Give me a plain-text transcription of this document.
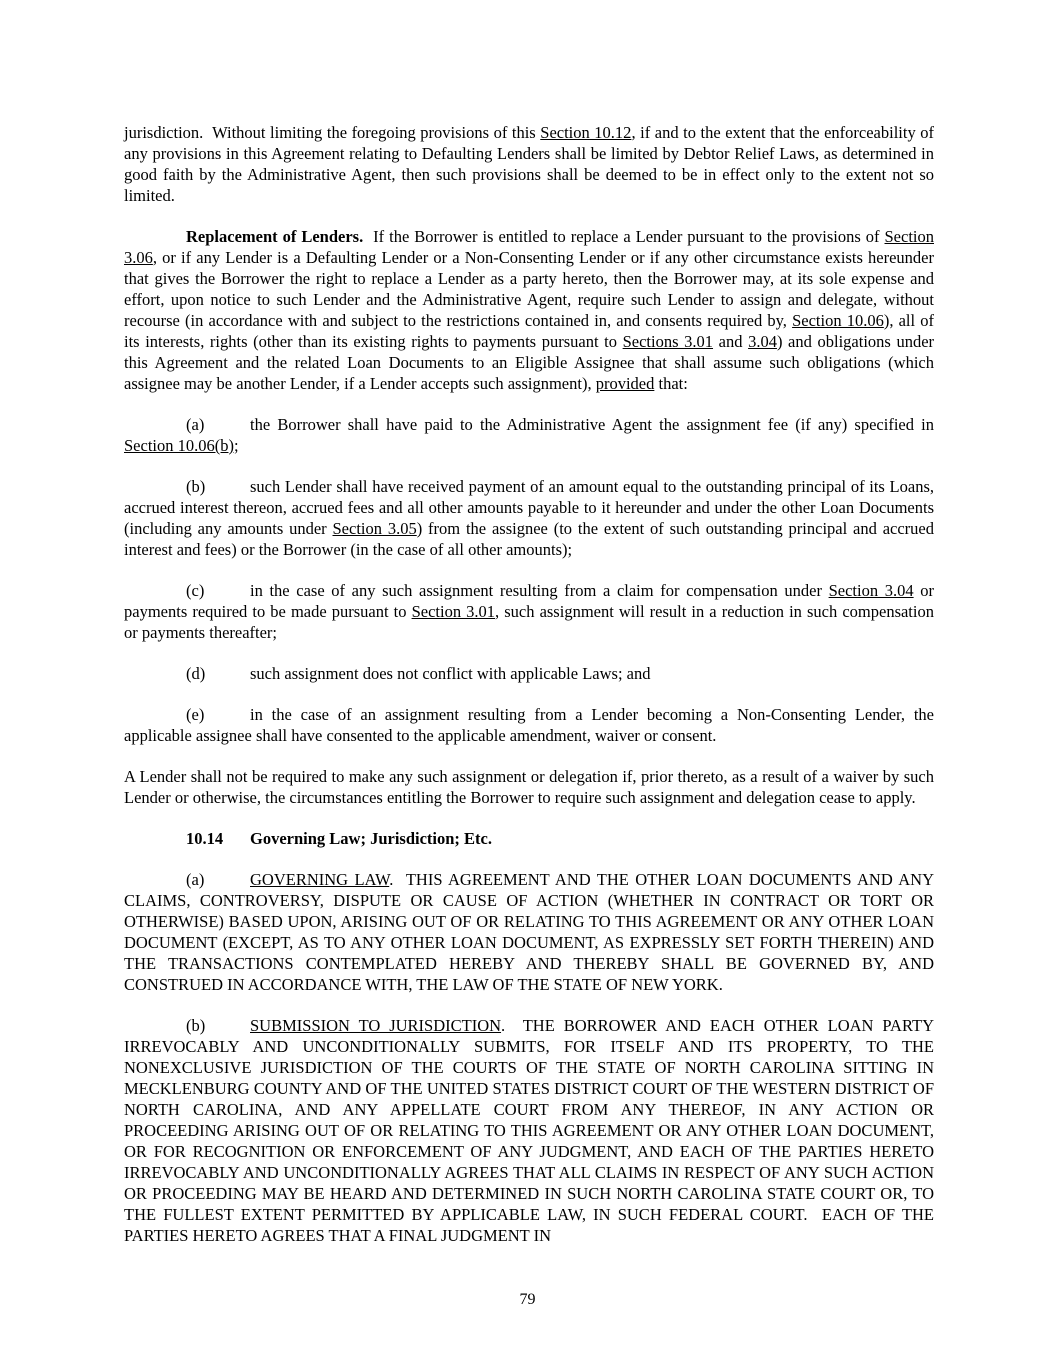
jurisdiction.  Without limiting the foregoing provisions of this Section 10.12, if and to the extent that the enforceability of any provisions in this Agreement relating to Defaulting Lenders shall be limited by Debtor Relief Laws, as determined in good faith by the Administrative Agent, then such provisions shall be deemed to be in effect only to the extent not so limited.

Replacement of Lenders.  If the Borrower is entitled to replace a Lender pursuant to the provisions of Section 3.06, or if any Lender is a Defaulting Lender or a Non-Consenting Lender or if any other circumstance exists hereunder that gives the Borrower the right to replace a Lender as a party hereto, then the Borrower may, at its sole expense and effort, upon notice to such Lender and the Administrative Agent, require such Lender to assign and delegate, without recourse (in accordance with and subject to the restrictions contained in, and consents required by, Section 10.06), all of its interests, rights (other than its existing rights to payments pursuant to Sections 3.01 and 3.04) and obligations under this Agreement and the related Loan Documents to an Eligible Assignee that shall assume such obligations (which assignee may be another Lender, if a Lender accepts such assignment), provided that:

(a)	the Borrower shall have paid to the Administrative Agent the assignment fee (if any) specified in Section 10.06(b);

(b)	such Lender shall have received payment of an amount equal to the outstanding principal of its Loans, accrued interest thereon, accrued fees and all other amounts payable to it hereunder and under the other Loan Documents (including any amounts under Section 3.05) from the assignee (to the extent of such outstanding principal and accrued interest and fees) or the Borrower (in the case of all other amounts);

(c)	in the case of any such assignment resulting from a claim for compensation under Section 3.04 or payments required to be made pursuant to Section 3.01, such assignment will result in a reduction in such compensation or payments thereafter;

(d)	such assignment does not conflict with applicable Laws; and

(e)	in the case of an assignment resulting from a Lender becoming a Non-Consenting Lender, the applicable assignee shall have consented to the applicable amendment, waiver or consent.

A Lender shall not be required to make any such assignment or delegation if, prior thereto, as a result of a waiver by such Lender or otherwise, the circumstances entitling the Borrower to require such assignment and delegation cease to apply.

10.14 Governing Law; Jurisdiction; Etc.

(a)	GOVERNING LAW.  THIS AGREEMENT AND THE OTHER LOAN DOCUMENTS AND ANY CLAIMS, CONTROVERSY, DISPUTE OR CAUSE OF ACTION (WHETHER IN CONTRACT OR TORT OR OTHERWISE) BASED UPON, ARISING OUT OF OR RELATING TO THIS AGREEMENT OR ANY OTHER LOAN DOCUMENT (EXCEPT, AS TO ANY OTHER LOAN DOCUMENT, AS EXPRESSLY SET FORTH THEREIN) AND THE TRANSACTIONS CONTEMPLATED HEREBY AND THEREBY SHALL BE GOVERNED BY, AND CONSTRUED IN ACCORDANCE WITH, THE LAW OF THE STATE OF NEW YORK.

(b)	SUBMISSION TO JURISDICTION.  THE BORROWER AND EACH OTHER LOAN PARTY IRREVOCABLY AND UNCONDITIONALLY SUBMITS, FOR ITSELF AND ITS PROPERTY, TO THE NONEXCLUSIVE JURISDICTION OF THE COURTS OF THE STATE OF NORTH CAROLINA SITTING IN MECKLENBURG COUNTY AND OF THE UNITED STATES DISTRICT COURT OF THE WESTERN DISTRICT OF NORTH CAROLINA, AND ANY APPELLATE COURT FROM ANY THEREOF, IN ANY ACTION OR PROCEEDING ARISING OUT OF OR RELATING TO THIS AGREEMENT OR ANY OTHER LOAN DOCUMENT, OR FOR RECOGNITION OR ENFORCEMENT OF ANY JUDGMENT, AND EACH OF THE PARTIES HERETO IRREVOCABLY AND UNCONDITIONALLY AGREES THAT ALL CLAIMS IN RESPECT OF ANY SUCH ACTION OR PROCEEDING MAY BE HEARD AND DETERMINED IN SUCH NORTH CAROLINA STATE COURT OR, TO THE FULLEST EXTENT PERMITTED BY APPLICABLE LAW, IN SUCH FEDERAL COURT.  EACH OF THE PARTIES HERETO AGREES THAT A FINAL JUDGMENT IN

79
